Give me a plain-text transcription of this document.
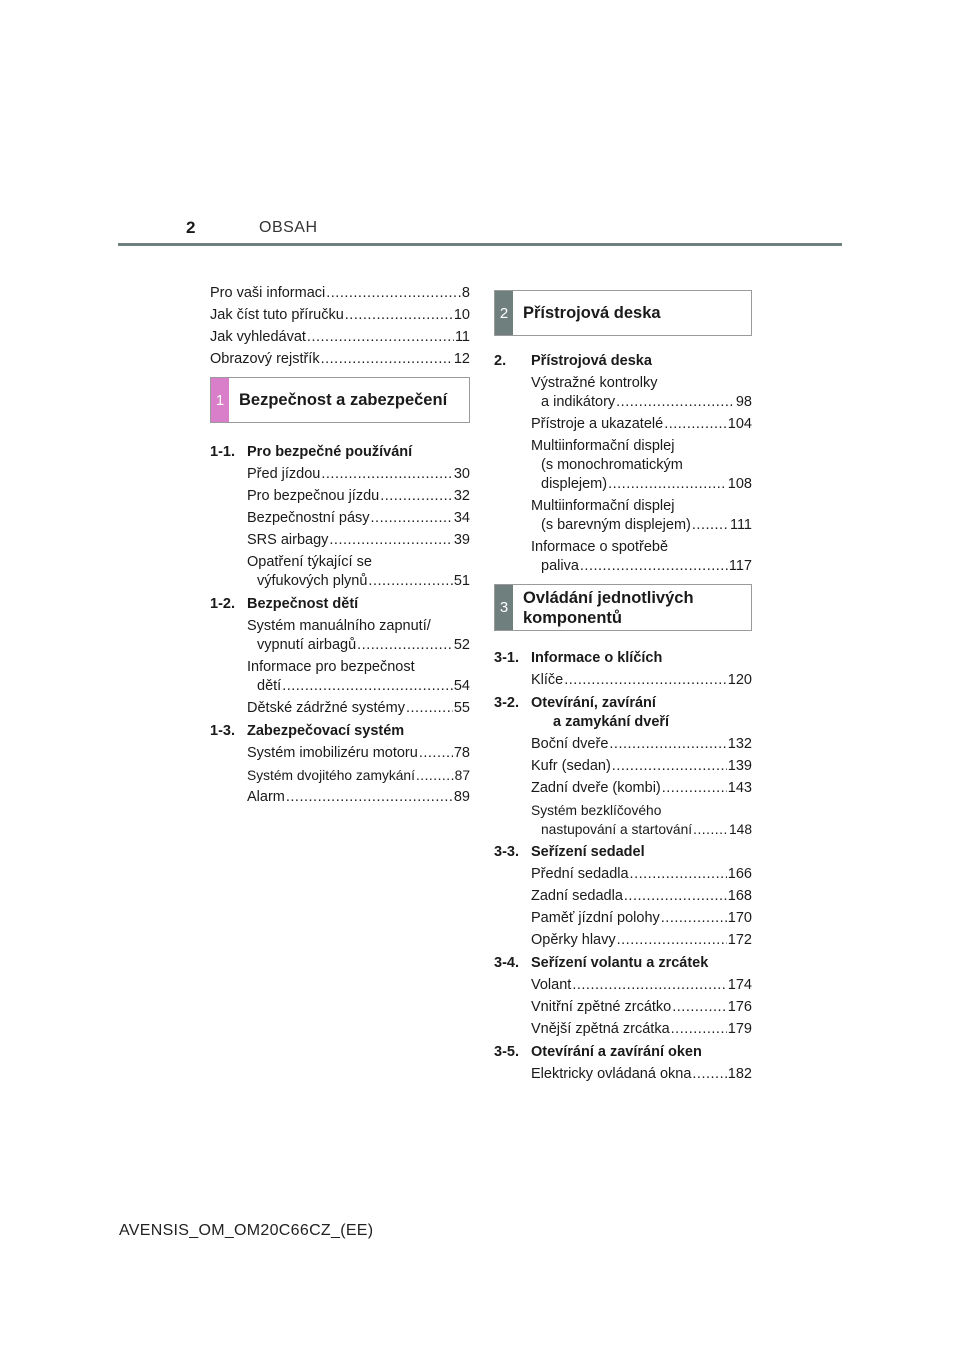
2	OBSAH
Pro vaši informaci .....	8
Jak číst tuto příručku .....	10
Jak vyhledávat .....	11
Obrazový rejstřík .....	12
1 Bezpečnost a zabezpečení
1-1. Pro bezpečné používání
Před jízdou .....	30
Pro bezpečnou jízdu .....	32
Bezpečnostní pásy .....	34
SRS airbagy .....	39
Opatření týkající se
výfukových plynů .....	51
1-2. Bezpečnost dětí
Systém manuálního zapnutí/
vypnutí airbagů .....	52
Informace pro bezpečnost
dětí .....	54
Dětské zádržné systémy .....	55
1-3. Zabezpečovací systém
Systém imobilizéru motoru ..... 78
Systém dvojitého zamykání .....	87
Alarm .....	89
2 Přístrojová deska
2.	Přístrojová deska
Výstražné kontrolky
a indikátory .....	98
Přístroje a ukazatelé .....	104
Multiinformační displej
(s monochromatickým
displejem) .....	108
Multiinformační displej
(s barevným displejem) .....	111
Informace o spotřebě
paliva .....	117
3
Ovládání jednotlivých
komponentů
3-1. Informace o klíčích
Klíče .....	120
3-2. Otevírání, zavírání
a zamykání dveří
Boční dveře .....	132
Kufr (sedan) .....	139
Zadní dveře (kombi) .....	143
Systém bezklíčového
nastupování a startování .....	148
3-3. Seřízení sedadel
Přední sedadla .....	166
Zadní sedadla .....	168
Paměť jízdní polohy .....	170
Opěrky hlavy .....	172
3-4. Seřízení volantu a zrcátek
Volant .....	174
Vnitřní zpětné zrcátko .....	176
Vnější zpětná zrcátka .....	179
3-5. Otevírání a zavírání oken
Elektricky ovládaná okna .....	182
AVENSIS_OM_OM20C66CZ_(EE)
